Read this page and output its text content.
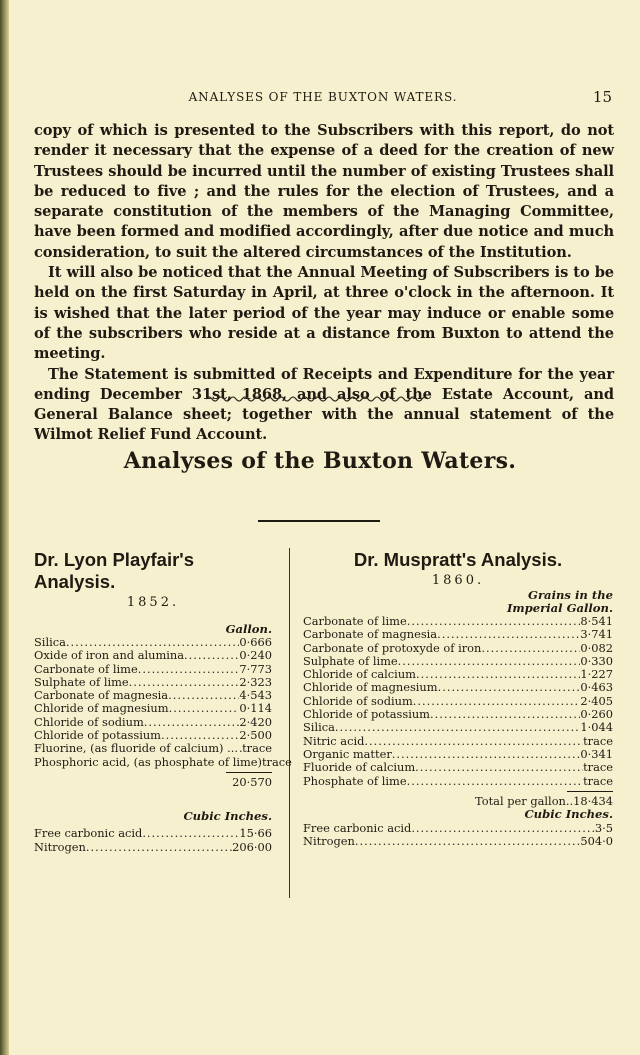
ANALYSES OF THE BUXTON WATERS.	15

copy of which is presented to the Subscribers with this report, do not render it necessary that the expense of a deed for the creation of new Trustees should be incurred until the number of existing Trustees shall be reduced to five ; and the rules for the election of Trustees, and a separate constitution of the members of the Managing Committee, have been formed and modified accordingly, after due notice and much consideration, to suit the altered circumstances of the Institution.

It will also be noticed that the Annual Meeting of Subscribers is to be held on the first Saturday in April, at three o'clock in the afternoon. It is wished that the later period of the year may induce or enable some of the subscribers who reside at a distance from Buxton to attend the meeting.

The Statement is submitted of Receipts and Expenditure for the year ending December 31st, 1868, and also of the Estate Account, and General Balance sheet; together with the annual statement of the Wilmot Relief Fund Account.

Analyses of the Buxton Waters.
Dr. Lyon Playfair's Analysis.
1852.
Gallon.
Silica .....	0·666
Oxide of iron and alumina .....	0·240
Carbonate of lime .....	7·773
Sulphate of lime .....	2·323
Carbonate of magnesia .....	4·543
Chloride of magnesium .....	0·114
Chloride of sodium .....	2·420
Chloride of potassium .....	2·500
Fluorine, (as fluoride of calcium) .. ..... trace
Phosphoric acid, (as phosphate of lime) trace
20·570
Cubic Inches.
Free carbonic acid .....	15·66
Nitrogen .....	206·00
Dr. Muspratt's Analysis.
1860.
Grains in the
Imperial Gallon.
Carbonate of lime .....	8·541
Carbonate of magnesia .....	3·741
Carbonate of protoxyde of iron .....	0·082
Sulphate of lime .....	0·330
Chloride of calcium .....	1·227
Chloride of magnesium .....	0·463
Chloride of sodium .....	2·405
Chloride of potassium .....	0·260
Silica .....	1·044
Nitric acid .....	trace
Organic matter .....	0·341
Fluoride of calcium .....	trace
Phosphate of lime .....	trace
Total per gallon..18·434
Cubic Inches.
Free carbonic acid .....	3·5
Nitrogen .....	504·0
